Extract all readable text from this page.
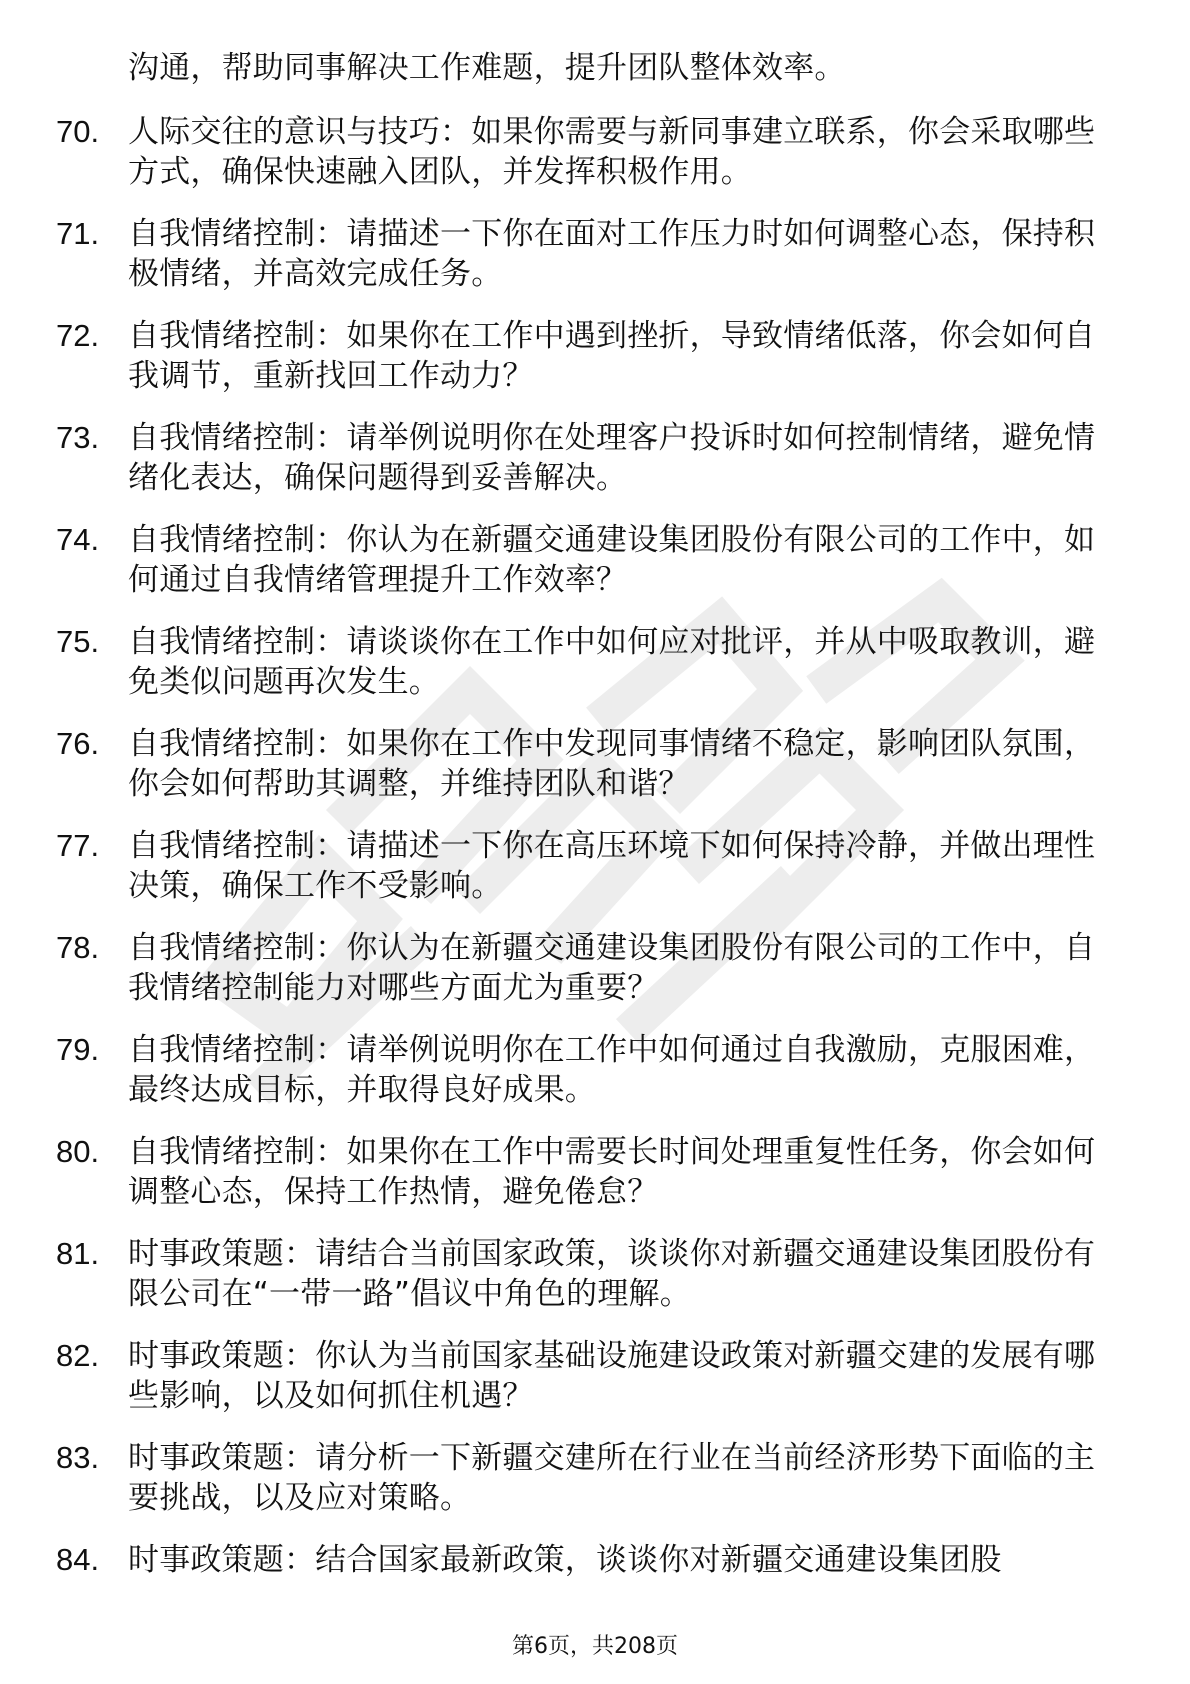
沟通，帮助同事解决工作难题，提升团队整体效率。
70. 人际交往的意识与技巧：如果你需要与新同事建立联系，你会采取哪些方式，确保快速融入团队，并发挥积极作用。
71. 自我情绪控制：请描述一下你在面对工作压力时如何调整心态，保持积极情绪，并高效完成任务。
72. 自我情绪控制：如果你在工作中遇到挫折，导致情绪低落，你会如何自我调节，重新找回工作动力？
73. 自我情绪控制：请举例说明你在处理客户投诉时如何控制情绪，避免情绪化表达，确保问题得到妥善解决。
74. 自我情绪控制：你认为在新疆交通建设集团股份有限公司的工作中，如何通过自我情绪管理提升工作效率？
75. 自我情绪控制：请谈谈你在工作中如何应对批评，并从中吸取教训，避免类似问题再次发生。
76. 自我情绪控制：如果你在工作中发现同事情绪不稳定，影响团队氛围，你会如何帮助其调整，并维持团队和谐？
77. 自我情绪控制：请描述一下你在高压环境下如何保持冷静，并做出理性决策，确保工作不受影响。
78. 自我情绪控制：你认为在新疆交通建设集团股份有限公司的工作中，自我情绪控制能力对哪些方面尤为重要？
79. 自我情绪控制：请举例说明你在工作中如何通过自我激励，克服困难，最终达成目标，并取得良好成果。
80. 自我情绪控制：如果你在工作中需要长时间处理重复性任务，你会如何调整心态，保持工作热情，避免倦怠？
81. 时事政策题：请结合当前国家政策，谈谈你对新疆交通建设集团股份有限公司在“一带一路”倡议中角色的理解。
82. 时事政策题：你认为当前国家基础设施建设政策对新疆交建的发展有哪些影响，以及如何抓住机遇？
83. 时事政策题：请分析一下新疆交建所在行业在当前经济形势下面临的主要挑战，以及应对策略。
84. 时事政策题：结合国家最新政策，谈谈你对新疆交通建设集团股
第6页，共208页
